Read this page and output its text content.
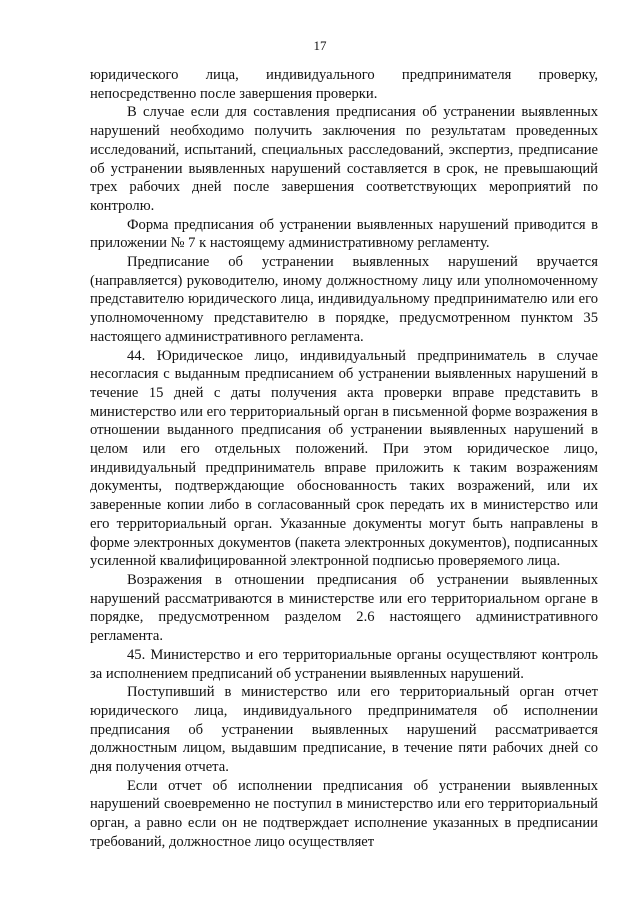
17

юридического лица, индивидуального предпринимателя проверку, непосредственно после завершения проверки.

В случае если для составления предписания об устранении выявленных нарушений необходимо получить заключения по результатам проведенных исследований, испытаний, специальных расследований, экспертиз, предписание об устранении выявленных нарушений составляется в срок, не превышающий трех рабочих дней после завершения соответствующих мероприятий по контролю.

Форма предписания об устранении выявленных нарушений приводится в приложении № 7 к настоящему административному регламенту.

Предписание об устранении выявленных нарушений вручается (направляется) руководителю, иному должностному лицу или уполномоченному представителю юридического лица, индивидуальному предпринимателю или его уполномоченному представителю в порядке, предусмотренном пунктом 35 настоящего административного регламента.

44. Юридическое лицо, индивидуальный предприниматель в случае несогласия с выданным предписанием об устранении выявленных нарушений в течение 15 дней с даты получения акта проверки вправе представить в министерство или его территориальный орган в письменной форме возражения в отношении выданного предписания об устранении выявленных нарушений в целом или его отдельных положений. При этом юридическое лицо, индивидуальный предприниматель вправе приложить к таким возражениям документы, подтверждающие обоснованность таких возражений, или их заверенные копии либо в согласованный срок передать их в министерство или его территориальный орган. Указанные документы могут быть направлены в форме электронных документов (пакета электронных документов), подписанных усиленной квалифицированной электронной подписью проверяемого лица.

Возражения в отношении предписания об устранении выявленных нарушений рассматриваются в министерстве или его территориальном органе в порядке, предусмотренном разделом 2.6 настоящего административного регламента.

45. Министерство и его территориальные органы осуществляют контроль за исполнением предписаний об устранении выявленных нарушений.

Поступивший в министерство или его территориальный орган отчет юридического лица, индивидуального предпринимателя об исполнении предписания об устранении выявленных нарушений рассматривается должностным лицом, выдавшим предписание, в течение пяти рабочих дней со дня получения отчета.

Если отчет об исполнении предписания об устранении выявленных нарушений своевременно не поступил в министерство или его территориальный орган, а равно если он не подтверждает исполнение указанных в предписании требований, должностное лицо осуществляет
